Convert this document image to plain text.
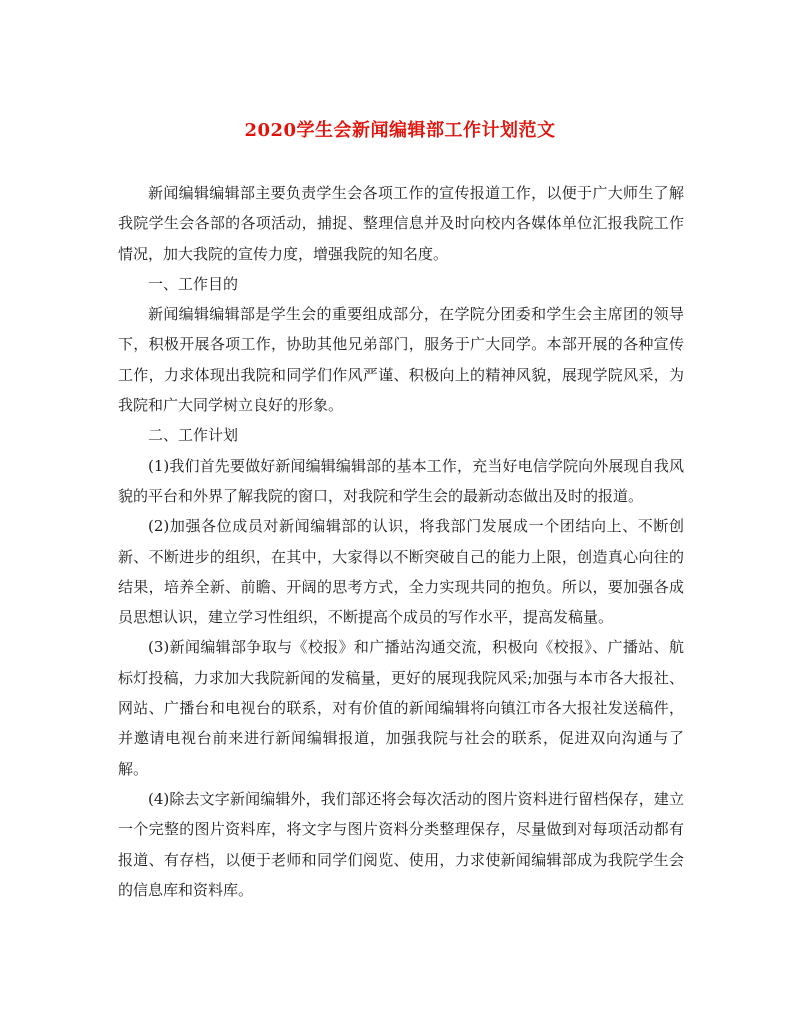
2020学生会新闻编辑部工作计划范文

新闻编辑编辑部主要负责学生会各项工作的宣传报道工作，以便于广大师生了解我院学生会各部的各项活动，捕捉、整理信息并及时向校内各媒体单位汇报我院工作情况，加大我院的宣传力度，增强我院的知名度。

一、工作目的

新闻编辑编辑部是学生会的重要组成部分，在学院分团委和学生会主席团的领导下，积极开展各项工作，协助其他兄弟部门，服务于广大同学。本部开展的各种宣传工作，力求体现出我院和同学们作风严谨、积极向上的精神风貌，展现学院风采，为我院和广大同学树立良好的形象。

二、工作计划

(1)我们首先要做好新闻编辑编辑部的基本工作，充当好电信学院向外展现自我风貌的平台和外界了解我院的窗口，对我院和学生会的最新动态做出及时的报道。

(2)加强各位成员对新闻编辑部的认识，将我部门发展成一个团结向上、不断创新、不断进步的组织，在其中，大家得以不断突破自己的能力上限，创造真心向往的结果，培养全新、前瞻、开阔的思考方式，全力实现共同的抱负。所以，要加强各成员思想认识，建立学习性组织，不断提高个成员的写作水平，提高发稿量。

(3)新闻编辑部争取与《校报》和广播站沟通交流，积极向《校报》、广播站、航标灯投稿，力求加大我院新闻的发稿量，更好的展现我院风采;加强与本市各大报社、网站、广播台和电视台的联系，对有价值的新闻编辑将向镇江市各大报社发送稿件，并邀请电视台前来进行新闻编辑报道，加强我院与社会的联系，促进双向沟通与了解。

(4)除去文字新闻编辑外，我们部还将会每次活动的图片资料进行留档保存，建立一个完整的图片资料库，将文字与图片资料分类整理保存，尽量做到对每项活动都有报道、有存档，以便于老师和同学们阅览、使用，力求使新闻编辑部成为我院学生会的信息库和资料库。
